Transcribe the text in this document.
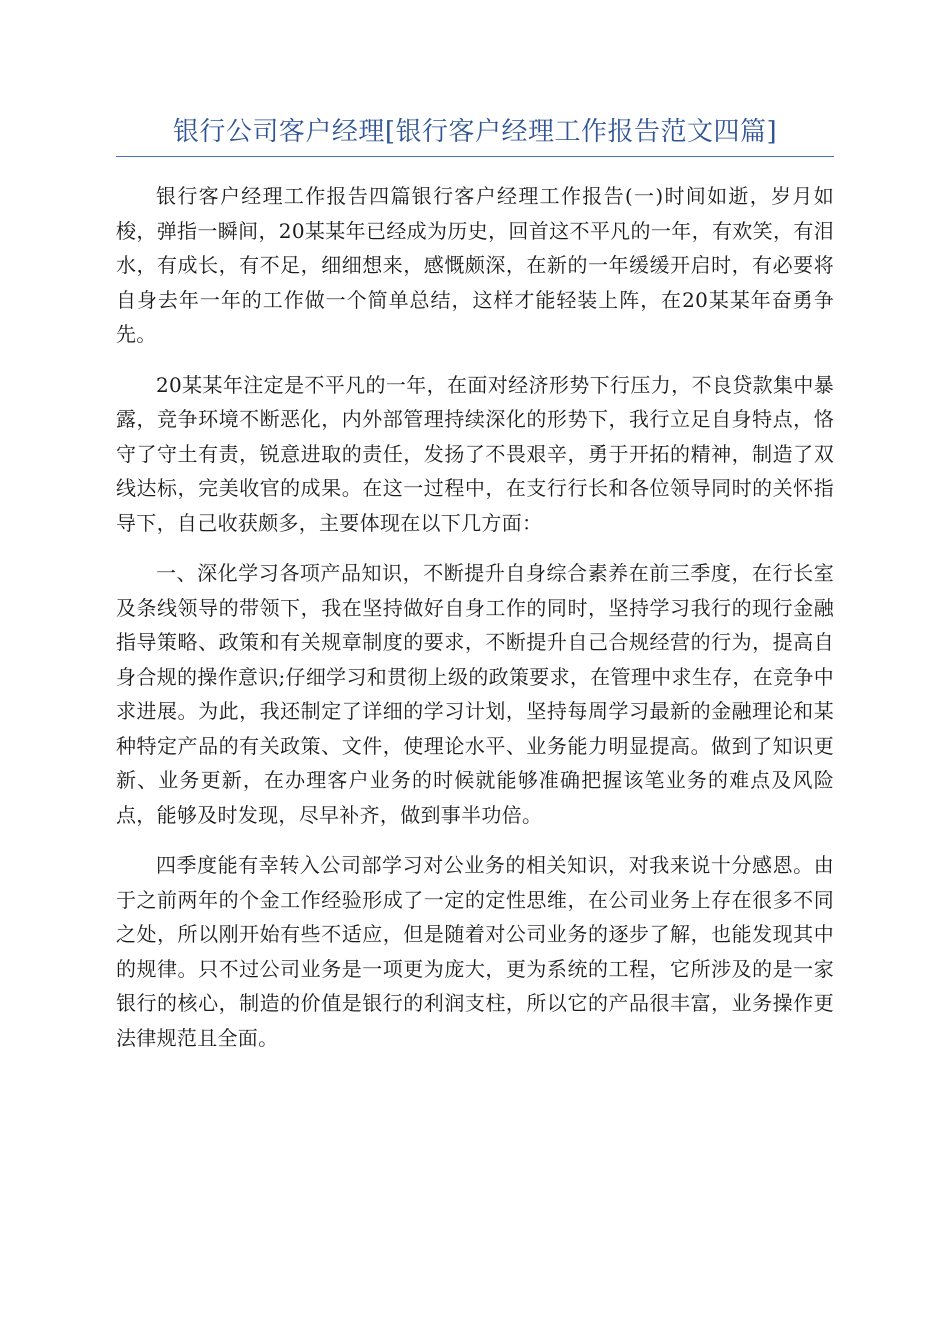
银行公司客户经理[银行客户经理工作报告范文四篇]

银行客户经理工作报告四篇银行客户经理工作报告(一)时间如逝，岁月如梭，弹指一瞬间，20某某年已经成为历史，回首这不平凡的一年，有欢笑，有泪水，有成长，有不足，细细想来，感慨颇深，在新的一年缓缓开启时，有必要将自身去年一年的工作做一个简单总结，这样才能轻装上阵，在20某某年奋勇争先。

20某某年注定是不平凡的一年，在面对经济形势下行压力，不良贷款集中暴露，竞争环境不断恶化，内外部管理持续深化的形势下，我行立足自身特点，恪守了守土有责，锐意进取的责任，发扬了不畏艰辛，勇于开拓的精神，制造了双线达标，完美收官的成果。在这一过程中，在支行行长和各位领导同时的关怀指导下，自己收获颇多，主要体现在以下几方面：

一、深化学习各项产品知识，不断提升自身综合素养在前三季度，在行长室及条线领导的带领下，我在坚持做好自身工作的同时，坚持学习我行的现行金融指导策略、政策和有关规章制度的要求，不断提升自己合规经营的行为，提高自身合规的操作意识;仔细学习和贯彻上级的政策要求，在管理中求生存，在竞争中求进展。为此，我还制定了详细的学习计划，坚持每周学习最新的金融理论和某种特定产品的有关政策、文件，使理论水平、业务能力明显提高。做到了知识更新、业务更新，在办理客户业务的时候就能够准确把握该笔业务的难点及风险点，能够及时发现，尽早补齐，做到事半功倍。

四季度能有幸转入公司部学习对公业务的相关知识，对我来说十分感恩。由于之前两年的个金工作经验形成了一定的定性思维，在公司业务上存在很多不同之处，所以刚开始有些不适应，但是随着对公司业务的逐步了解，也能发现其中的规律。只不过公司业务是一项更为庞大，更为系统的工程，它所涉及的是一家银行的核心，制造的价值是银行的利润支柱，所以它的产品很丰富，业务操作更法律规范且全面。
